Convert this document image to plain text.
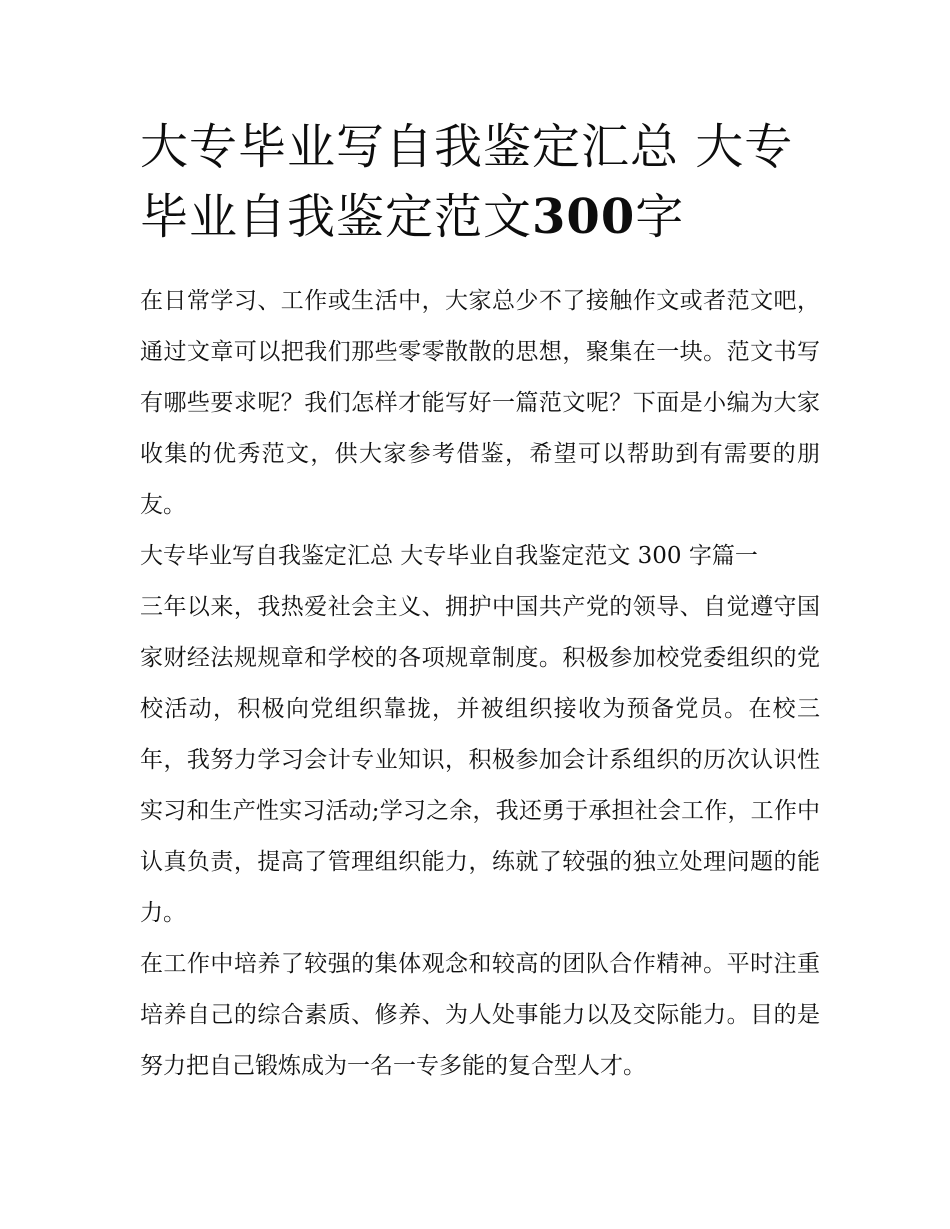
大专毕业写自我鉴定汇总 大专
毕业自我鉴定范文300字

在日常学习、工作或生活中，大家总少不了接触作文或者范文吧，通过文章可以把我们那些零零散散的思想，聚集在一块。范文书写有哪些要求呢？我们怎样才能写好一篇范文呢？下面是小编为大家收集的优秀范文，供大家参考借鉴，希望可以帮助到有需要的朋友。

大专毕业写自我鉴定汇总 大专毕业自我鉴定范文 300 字篇一

三年以来，我热爱社会主义、拥护中国共产党的领导、自觉遵守国家财经法规规章和学校的各项规章制度。积极参加校党委组织的党校活动，积极向党组织靠拢，并被组织接收为预备党员。在校三年，我努力学习会计专业知识，积极参加会计系组织的历次认识性实习和生产性实习活动;学习之余，我还勇于承担社会工作，工作中认真负责，提高了管理组织能力，练就了较强的独立处理问题的能力。

在工作中培养了较强的集体观念和较高的团队合作精神。平时注重培养自己的综合素质、修养、为人处事能力以及交际能力。目的是努力把自己锻炼成为一名一专多能的复合型人才。
